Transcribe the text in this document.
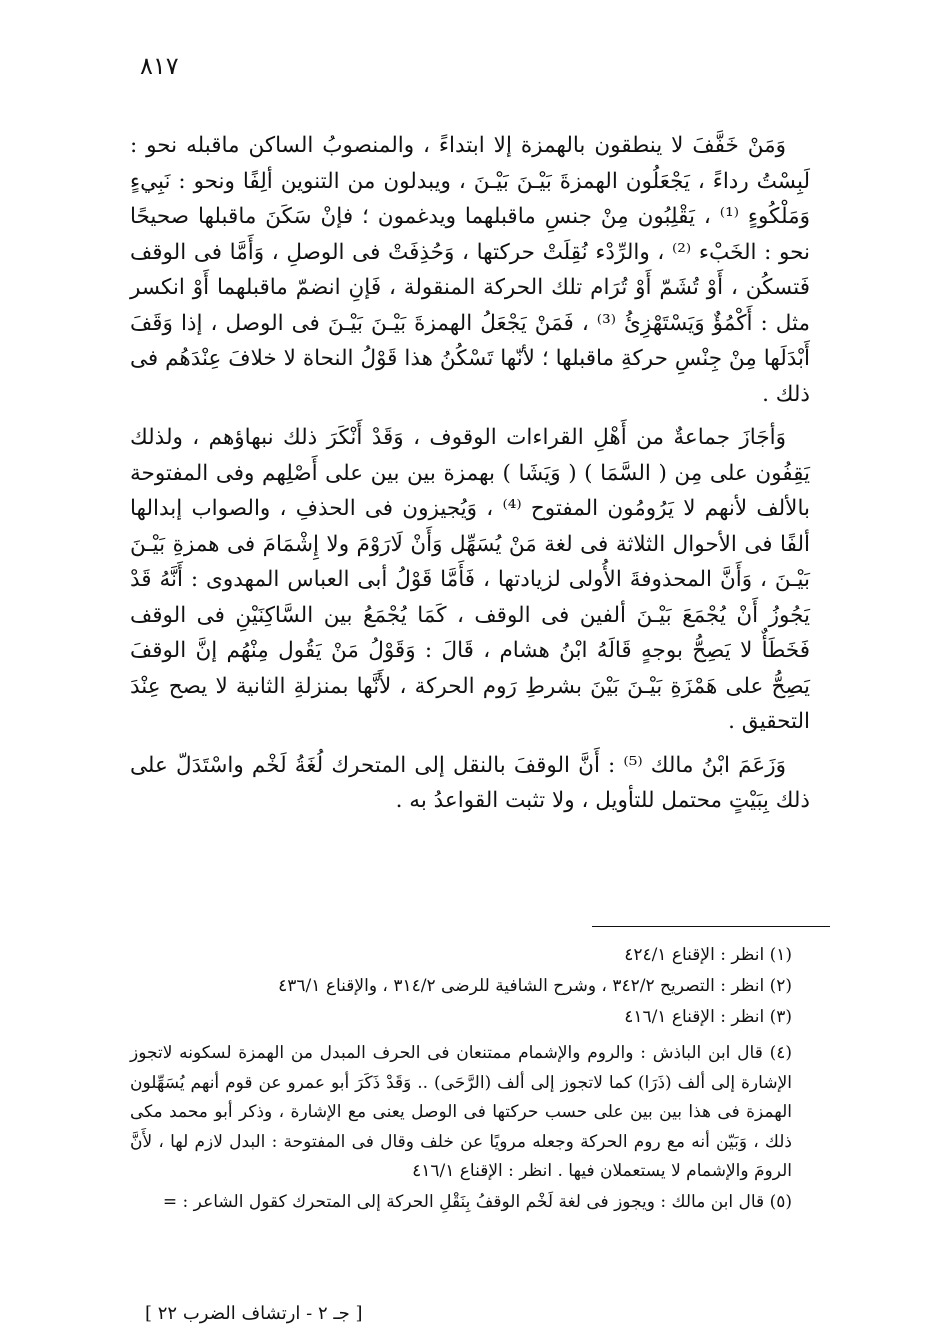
٨١٧

وَمَنْ خَفَّفَ لا ينطقون بالهمزة إلا ابتداءً ، والمنصوبُ الساكن ماقبله نحو : لَبِسْتُ رداءً ، يَجْعَلُون الهمزةَ بَيْـنَ بَيْـنَ ، ويبدلون من التنوين ألِفًا ونحو : نَبِيءٍ وَمَلْكُوءٍ ⁽¹⁾ ، يَقْلِبُون مِنْ جنسِ ماقبلهما ويدغمون ؛ فإنْ سَكَنَ ماقبلها صحيحًا نحو : الخَبْء ⁽²⁾ ، والرِّدْء نُقِلَتْ حركتها ، وَحُذِفَتْ فى الوصلِ ، وَأَمَّا فى الوقف فَتسكُن ، أَوْ تُشَمّ أَوْ تُرَام تلك الحركة المنقولة ، فَإنِ انضمّ ماقبلهما أَوْ انكسر مثل : أَكْمُؤٌ وَيَسْتَهْزِئُ ⁽³⁾ ، فَمَنْ يَجْعَلُ الهمزةَ بَيْـنَ بَيْـنَ فى الوصل ، إذا وَقَفَ أَبْدَلَها مِنْ جِنْسِ حركةِ ماقبلها ؛ لأنّها تَسْكُنُ هذا قَوْلُ النحاة لا خلافَ عِنْدَهُم فى ذلك .

وَأجَازَ جماعةٌ من أَهْلِ القراءات الوقوف ، وَقَدْ أَنْكَرَ ذلك نبهاؤهم ، ولذلك يَقِفُون على مِن ( السَّمَا ) ( وَيَشَا ) بهمزة بين بين على أَصْلِهم وفى المفتوحة بالألف لأنهم لا يَرُومُون المفتوح ⁽⁴⁾ ، وَيُجيزون فى الحذفِ ، والصواب إبدالها ألفًا فى الأحوال الثلاثة فى لغة مَنْ يُسَهِّل وَأَنْ لَارَوْمَ ولا إِشْمَامَ فى همزةِ بَيْـنَ بَيْـنَ ، وَأَنَّ المحذوفةَ الأُولى لزيادتها ، فَأَمَّا قَوْلُ أبى العباس المهدوى : أَنَّهُ قَدْ يَجُوزُ أَنْ يُجْمَعَ بَيْـنَ ألفين فى الوقف ، كَمَا يُجْمَعُ بين السَّاكِنَيْنِ فى الوقف فَخَطَأٌ لا يَصِحُّ بوجهٍ قَالَهُ ابْنُ هشام ، قَالَ : وَقَوْلُ مَنْ يَقُول مِنْهُم إنَّ الوقفَ يَصِحُّ على هَمْزَةِ بَيْـنَ بَيْنَ بشرطِ رَوم الحركة ، لأَنَّها بمنزلةِ الثانية لا يصح عِنْدَ التحقيق .

وَزَعَمَ ابْنُ مالك ⁽⁵⁾ : أَنَّ الوقفَ بالنقل إلى المتحرك لُغَةُ لَخْم واسْتَدَلّ على ذلك بِبَيْتٍ محتمل للتأويل ، ولا تثبت القواعدُ به .

(١) انظر : الإقناع ٤٢٤/١

(٢) انظر : التصريح ٣٤٢/٢ ، وشرح الشافية للرضى ٣١٤/٢ ، والإقناع ٤٣٦/١

(٣) انظر : الإقناع ٤١٦/١

(٤) قال ابن الباذش : والروم والإشمام ممتنعان فى الحرف المبدل من الهمزة لسكونه لاتجوز الإشارة إلى ألف (ذَرَا) كما لاتجوز إلى ألف (الرَّحَى) .. وَقَدْ ذَكَرَ أبو عمرو عن قوم أنهم يُسَهِّلون الهمزة فى هذا بين بين على حسب حركتها فى الوصل يعنى مع الإشارة ، وذكر أبو محمد مكى ذلك ، وَبَيّن أنه مع روم الحركة وجعله مرويًا عن خلف وقال فى المفتوحة : البدل لازم لها ، لأَنَّ الرومَ والإشمام لا يستعملان فيها . انظر : الإقناع ٤١٦/١

(٥) قال ابن مالك : ويجوز فى لغة لَخْم الوقفُ بِنَقْلِ الحركة إلى المتحرك كقول الشاعر : =

[ جـ ٢ - ارتشاف الضرب ٢٢ ]
